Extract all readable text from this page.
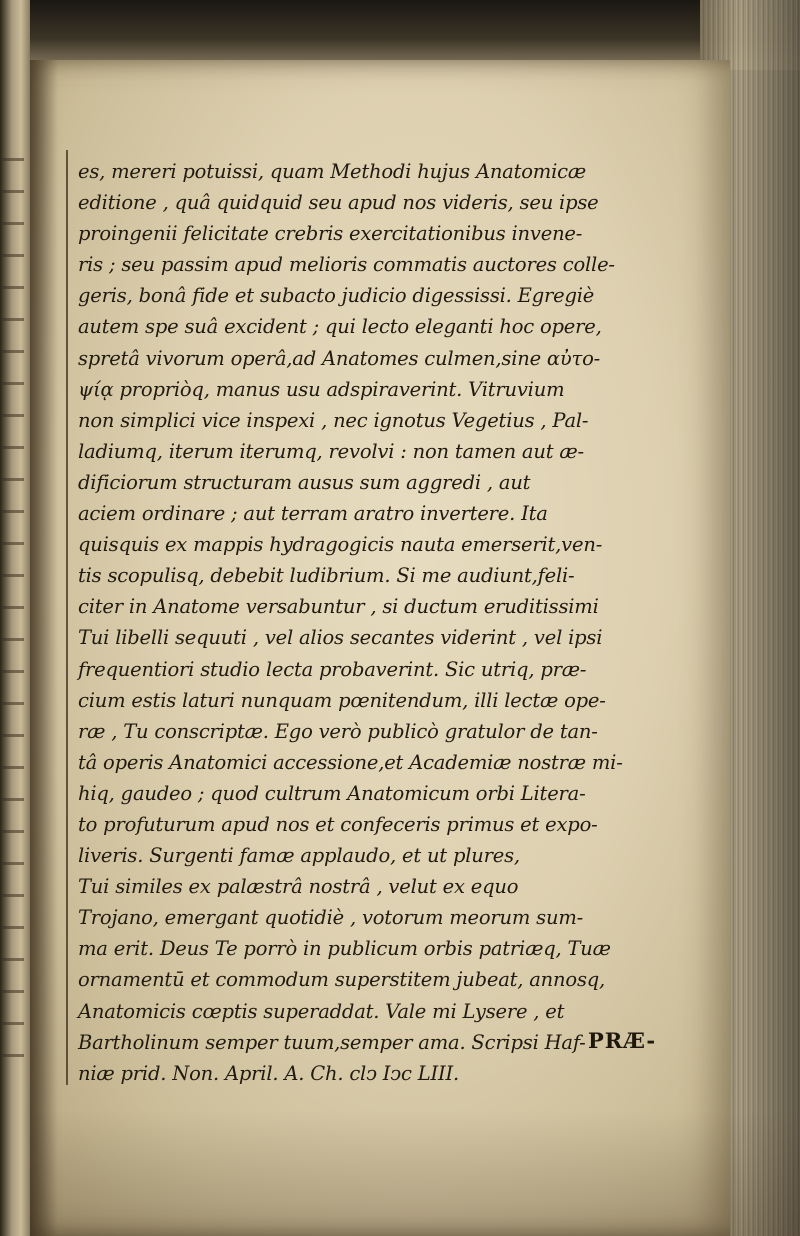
es, mereri potuissi, quam Methodi hujus Anatomicæ
editione , quâ quidquid seu apud nos videris, seu ipse
proingenii felicitate crebris exercitationibus invene-
ris ; seu passim apud melioris commatis auctores colle-
geris, bonâ fide et subacto judicio digessissi. Egregiè
autem spe suâ excident ; qui lecto eleganti hoc opere,
spretâ vivorum operâ,ad Anatomes culmen,sine αὐτο-
ψίᾳ propriòq, manus usu adspiraverint. Vitruvium
non simplici vice inspexi , nec ignotus Vegetius , Pal-
ladiumq, iterum iterumq, revolvi : non tamen aut æ-
dificiorum structuram ausus sum aggredi , aut
aciem ordinare ; aut terram aratro invertere. Ita
quisquis ex mappis hydragogicis nauta emerserit,ven-
tis scopulisq, debebit ludibrium. Si me audiunt,feli-
citer in Anatome versabuntur , si ductum eruditissimi
Tui libelli sequuti , vel alios secantes viderint , vel ipsi
frequentiori studio lecta probaverint. Sic utriq, præ-
cium estis laturi nunquam pœnitendum, illi lectæ ope-
ræ , Tu conscriptæ. Ego verò publicò gratulor de tan-
tâ operis Anatomici accessione,et Academiæ nostræ mi-
hiq, gaudeo ; quod cultrum Anatomicum orbi Litera-
to profuturum apud nos et confeceris primus et expo-
liveris. Surgenti famæ applaudo, et ut plures,
Tui similes ex palæstrâ nostrâ , velut ex equo
Trojano, emergant quotidiè , votorum meorum sum-
ma erit. Deus Te porrò in publicum orbis patriæq, Tuæ
ornamentū et commodum superstitem jubeat, annosq,
Anatomicis cœptis superaddat. Vale mi Lysere , et
Bartholinum semper tuum,semper ama. Scripsi Haf-
niæ prid. Non. April. A. Ch. clↄ Iↄc LIII.
PRÆ-
